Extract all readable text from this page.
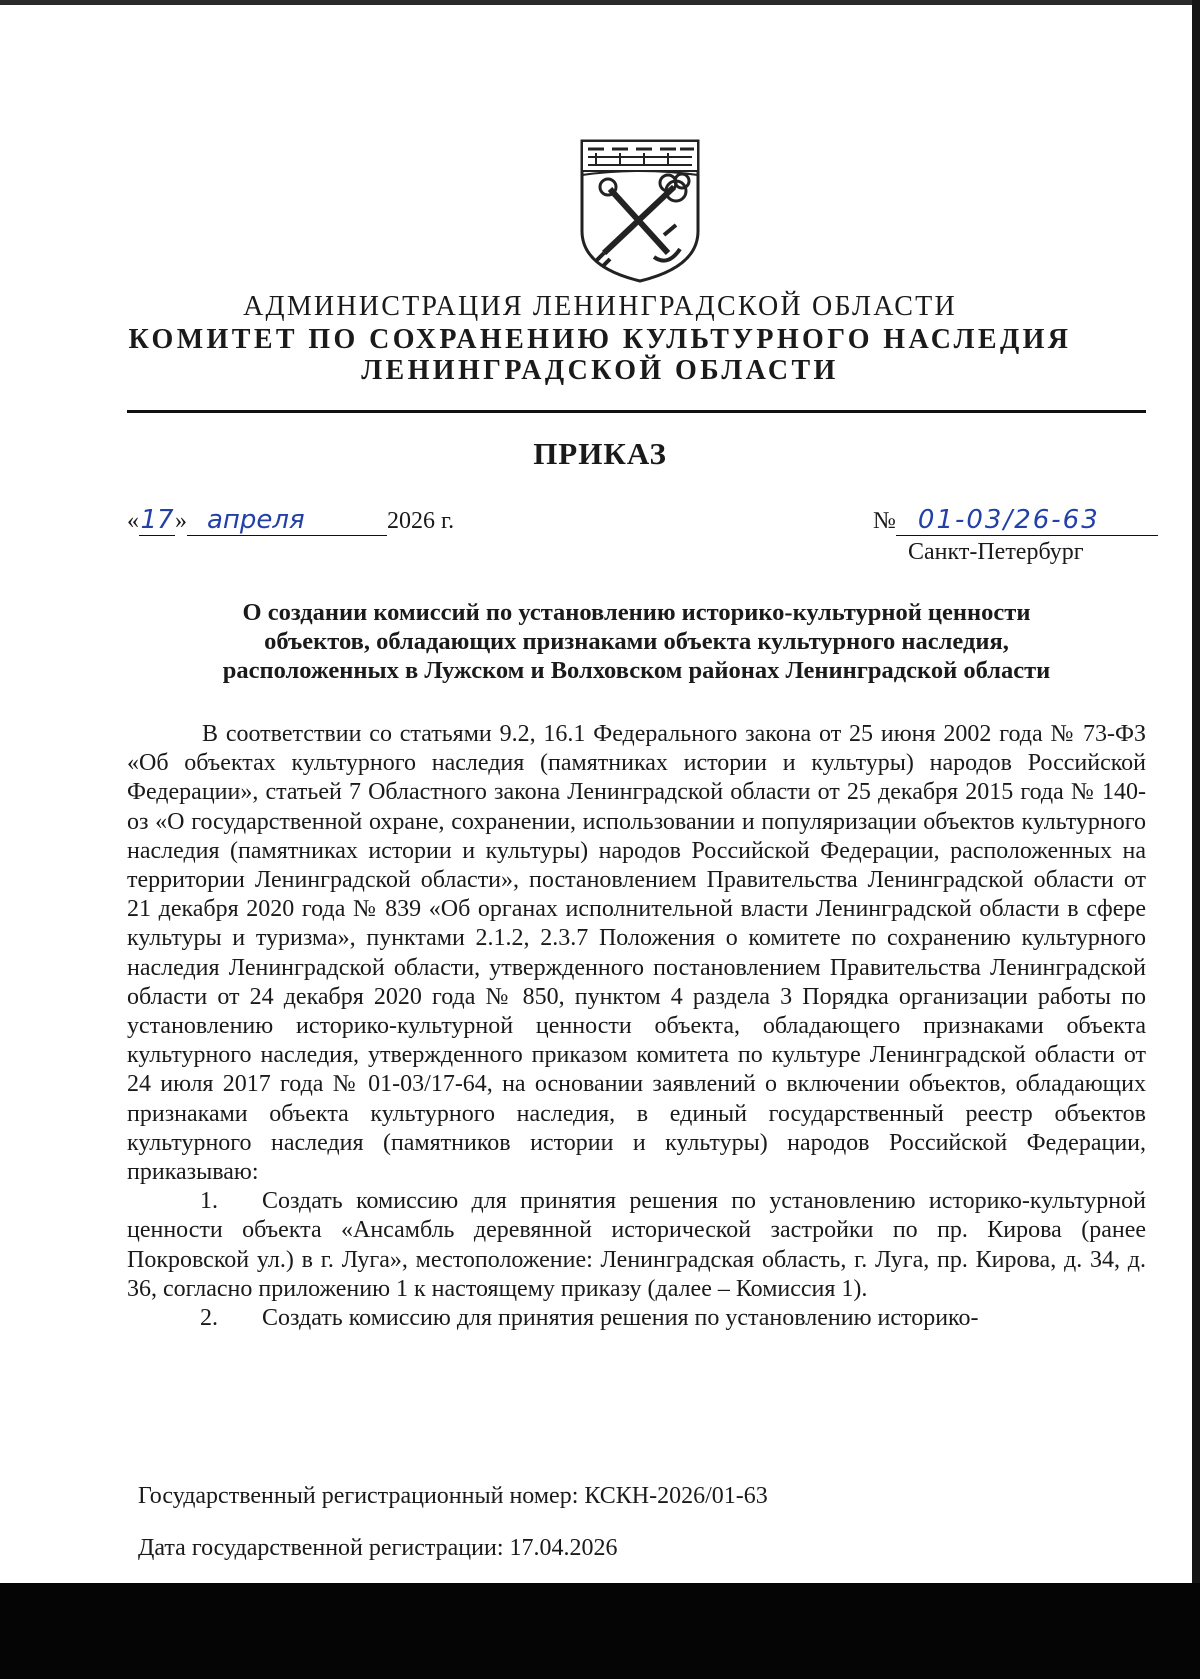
АДМИНИСТРАЦИЯ ЛЕНИНГРАДСКОЙ ОБЛАСТИ
КОМИТЕТ ПО СОХРАНЕНИЮ КУЛЬТУРНОГО НАСЛЕДИЯ
ЛЕНИНГРАДСКОЙ ОБЛАСТИ
ПРИКАЗ
«17» апреля	2026 г.	№ 01-03/26-63
Санкт-Петербург
О создании комиссий по установлению историко-культурной ценности
объектов, обладающих признаками объекта культурного наследия,
расположенных в Лужском и Волховском районах Ленинградской области

В соответствии со статьями 9.2, 16.1 Федерального закона от 25 июня 2002 года № 73-ФЗ «Об объектах культурного наследия (памятниках истории и культуры) народов Российской Федерации», статьей 7 Областного закона Ленинградской области от 25 декабря 2015 года № 140-оз «О государственной охране, сохранении, использовании и популяризации объектов культурного наследия (памятниках истории и культуры) народов Российской Федерации, расположенных на территории Ленинградской области», постановлением Правительства Ленинградской области от 21 декабря 2020 года № 839 «Об органах исполнительной власти Ленинградской области в сфере культуры и туризма», пунктами 2.1.2, 2.3.7 Положения о комитете по сохранению культурного наследия Ленинградской области, утвержденного постановлением Правительства Ленинградской области от 24 декабря 2020 года № 850, пунктом 4 раздела 3 Порядка организации работы по установлению историко-культурной ценности объекта, обладающего признаками объекта культурного наследия, утвержденного приказом комитета по культуре Ленинградской области от 24 июля 2017 года № 01-03/17-64, на основании заявлений о включении объектов, обладающих признаками объекта культурного наследия, в единый государственный реестр объектов культурного наследия (памятников истории и культуры) народов Российской Федерации, приказываю:

1. Создать комиссию для принятия решения по установлению историко-культурной ценности объекта «Ансамбль деревянной исторической застройки по пр. Кирова (ранее Покровской ул.) в г. Луга», местоположение: Ленинградская область, г. Луга, пр. Кирова, д. 34, д. 36, согласно приложению 1 к настоящему приказу (далее – Комиссия 1).

2. Создать комиссию для принятия решения по установлению историко-

Государственный регистрационный номер: КСКН-2026/01-63
Дата государственной регистрации: 17.04.2026
